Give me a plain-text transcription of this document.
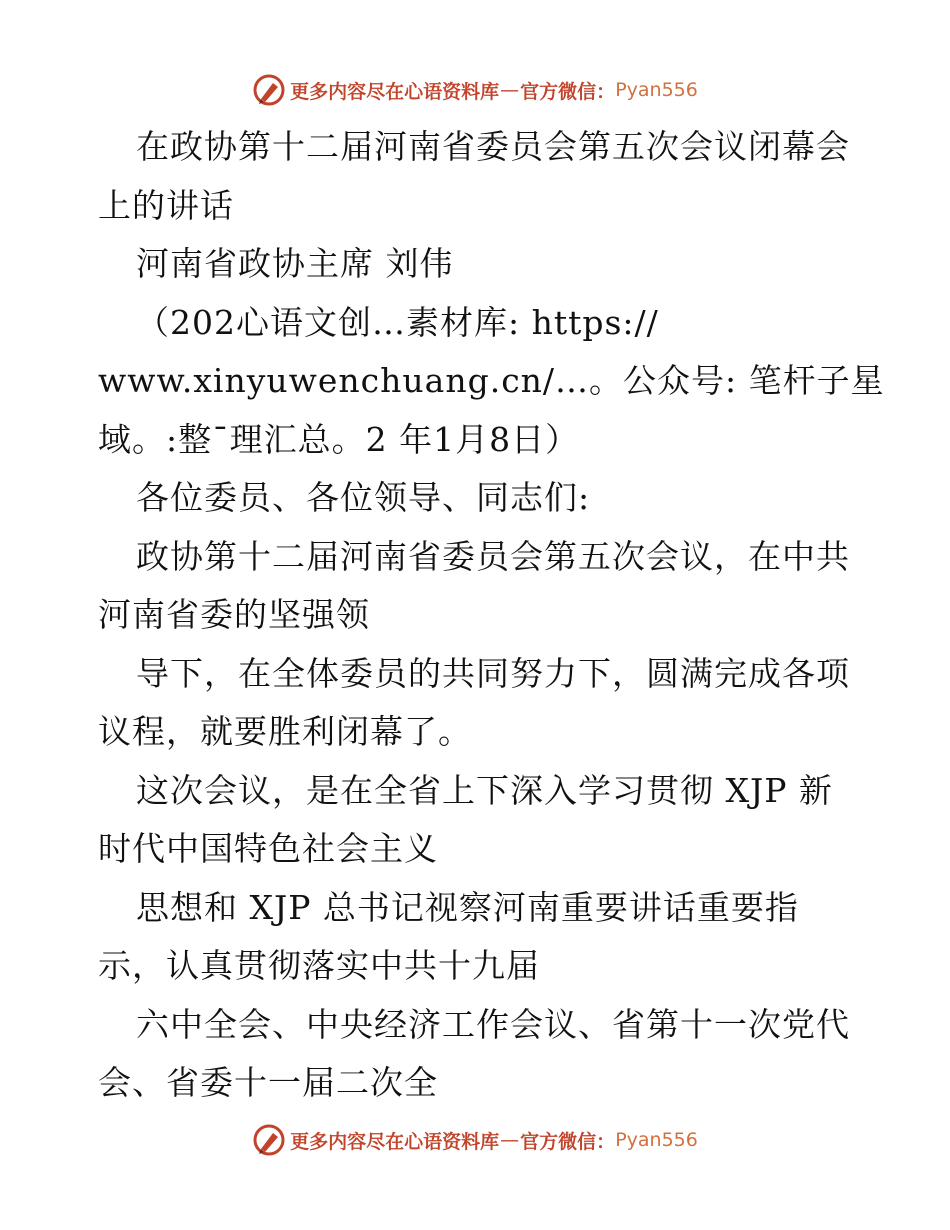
更多内容尽在心语资料库 — 官方微信： Pyan556
在政协第十二届河南省委员会第五次会议闭幕会
上的讲话
河南省政协主席 刘伟
（202心语文创…素材库: https://
www.xinyuwenchuang.cn/…。公众号: 笔杆子星
域。:整¯理汇总。2 年1月8日）
各位委员、各位领导、同志们:
政协第十二届河南省委员会第五次会议，在中共
河南省委的坚强领
导下，在全体委员的共同努力下，圆满完成各项
议程，就要胜利闭幕了。
这次会议，是在全省上下深入学习贯彻 XJP 新
时代中国特色社会主义
思想和 XJP 总书记视察河南重要讲话重要指
示，认真贯彻落实中共十九届
六中全会、中央经济工作会议、省第十一次党代
会、省委十一届二次全
更多内容尽在心语资料库 — 官方微信： Pyan556
